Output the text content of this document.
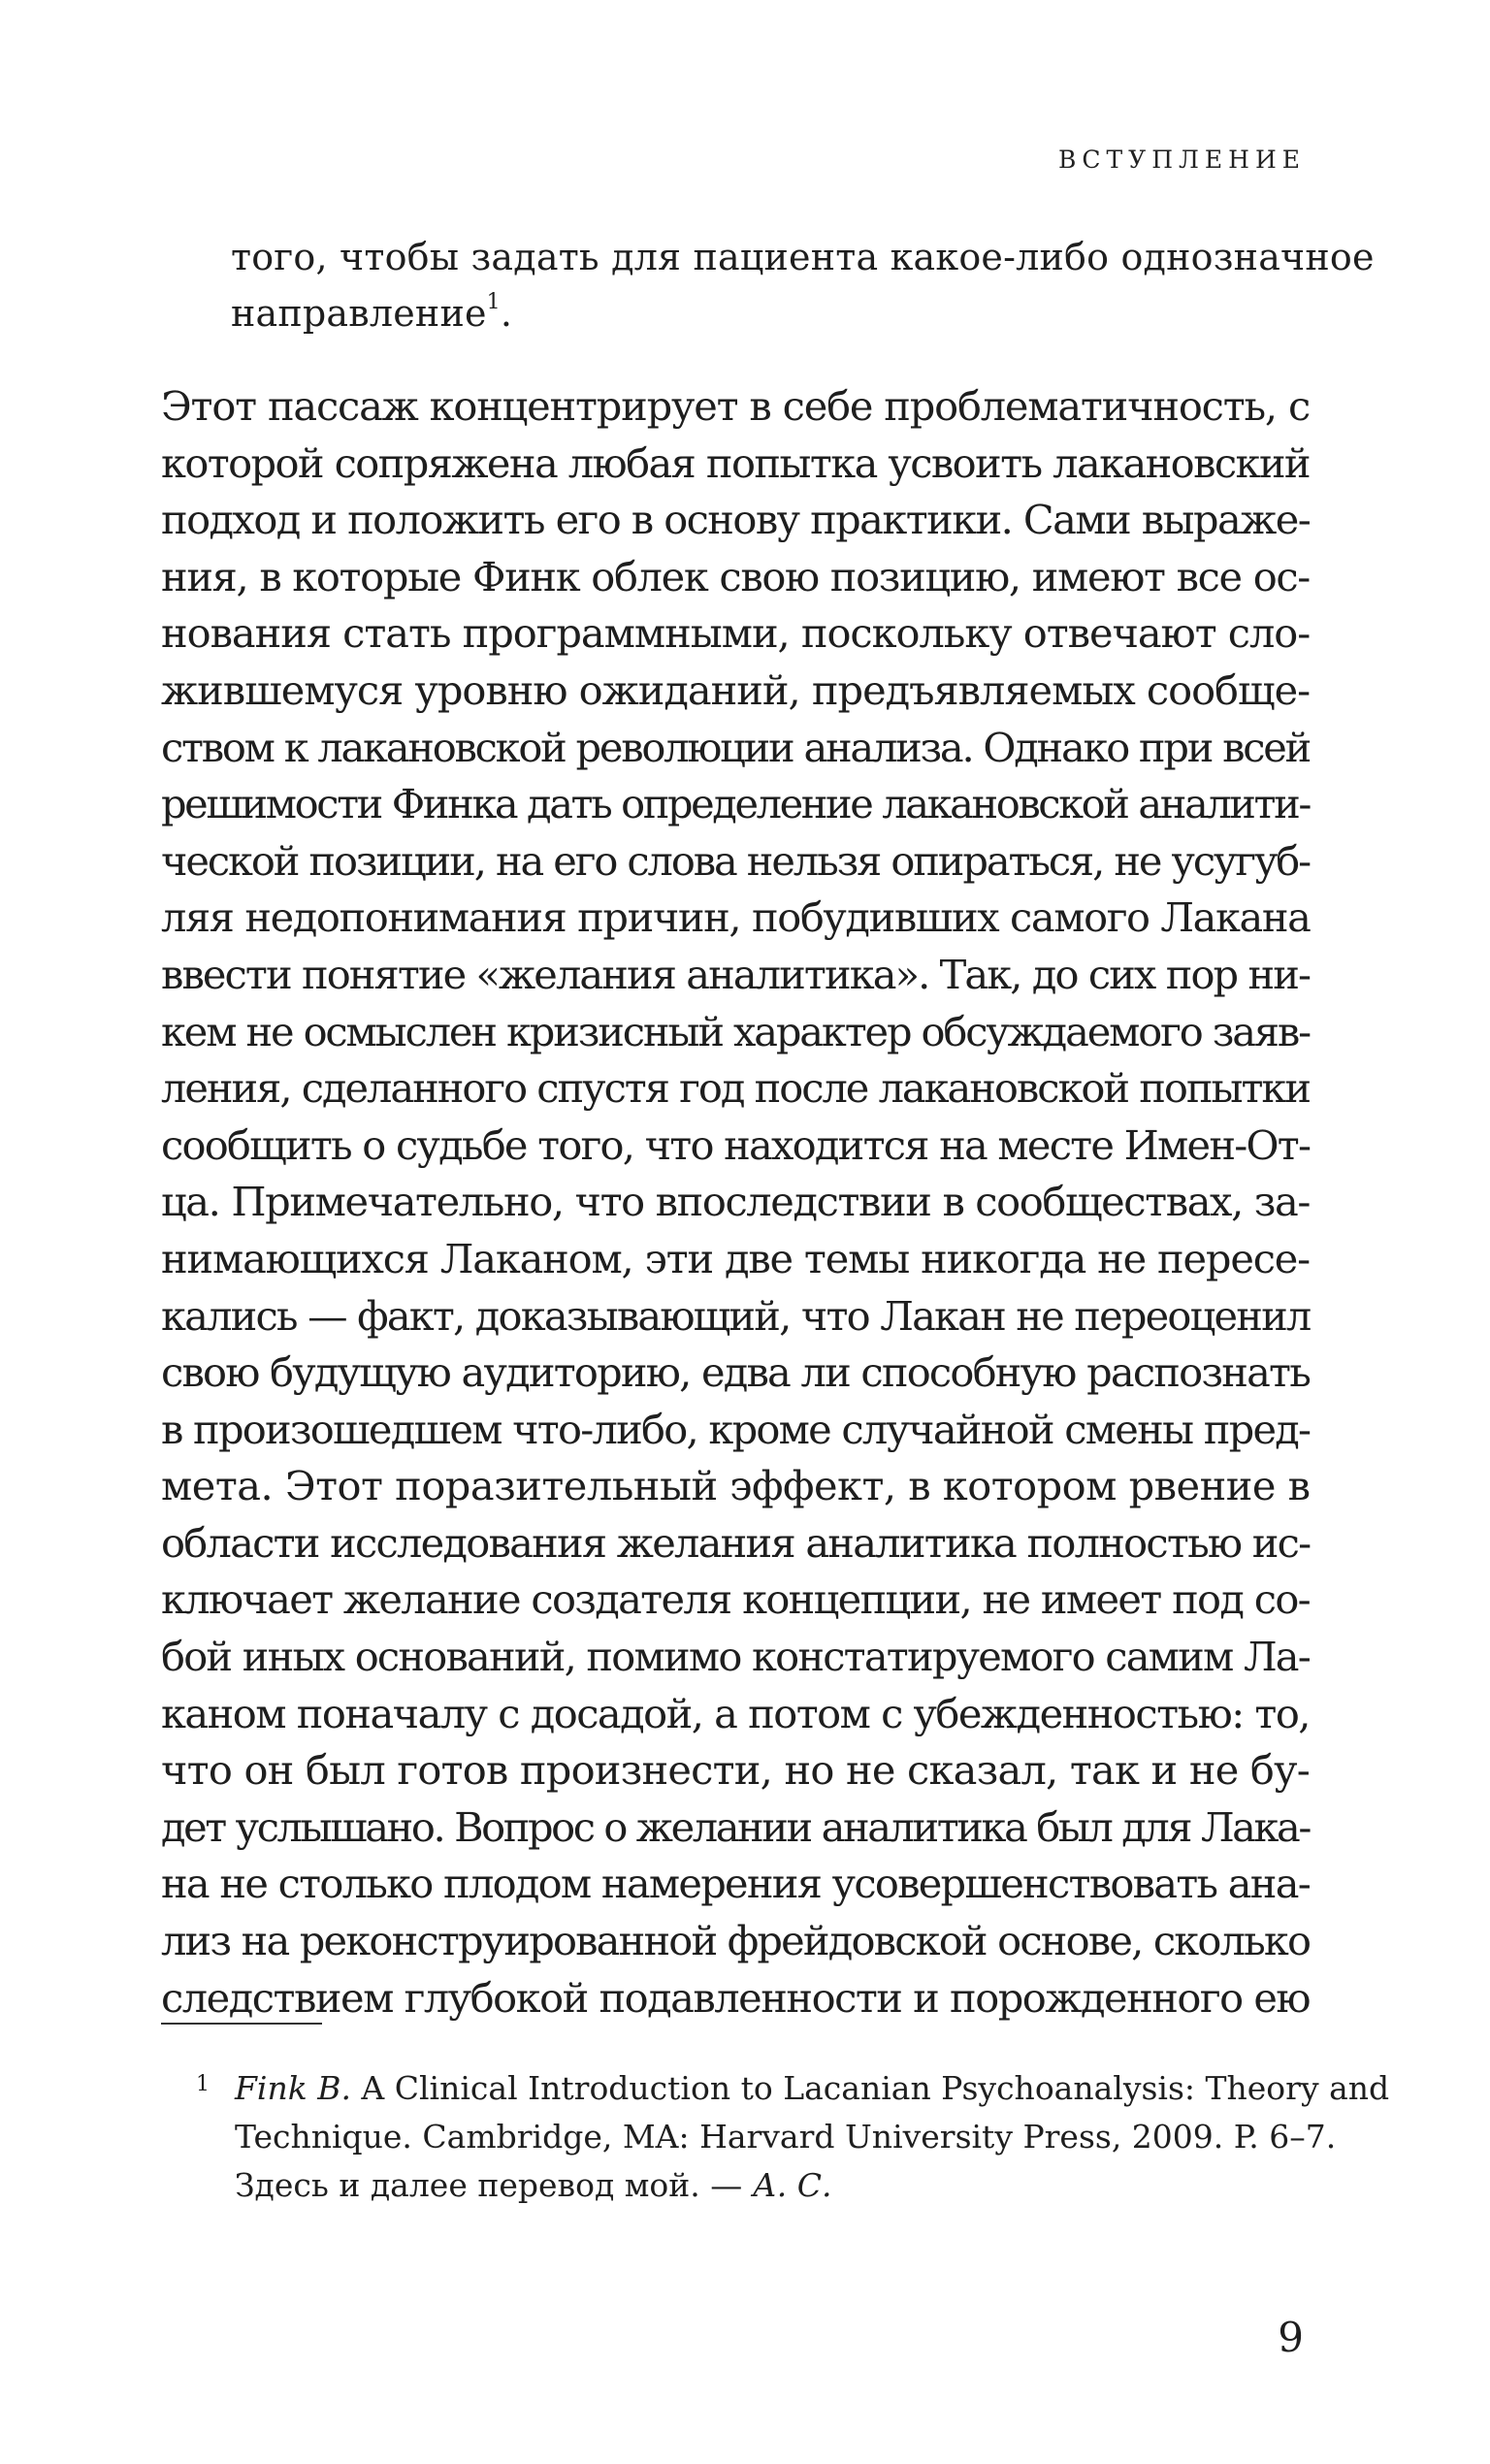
ВСТУПЛЕНИЕ
того, чтобы задать для пациента какое-либо однозначное
направление$^1$.
Этот пассаж концентрирует в себе проблематичность, с
которой сопряжена любая попытка усвоить лакановский
подход и положить его в основу практики. Сами выраже-
ния, в которые Финк облек свою позицию, имеют все ос-
нования стать программными, поскольку отвечают сло-
жившемуся уровню ожиданий, предъявляемых сообще-
ством к лакановской революции анализа. Однако при всей
решимости Финка дать определение лакановской аналити-
ческой позиции, на его слова нельзя опираться, не усугуб-
ляя недопонимания причин, побудивших самого Лакана
ввести понятие «желания аналитика». Так, до сих пор ни-
кем не осмыслен кризисный характер обсуждаемого заяв-
ления, сделанного спустя год после лакановской попытки
сообщить о судьбе того, что находится на месте Имен-От-
ца. Примечательно, что впоследствии в сообществах, за-
нимающихся Лаканом, эти две темы никогда не пересе-
кались — факт, доказывающий, что Лакан не переоценил
свою будущую аудиторию, едва ли способную распознать
в произошедшем что-либо, кроме случайной смены пред-
мета. Этот поразительный эффект, в котором рвение в
области исследования желания аналитика полностью ис-
ключает желание создателя концепции, не имеет под со-
бой иных оснований, помимо констатируемого самим Ла-
каном поначалу с досадой, а потом с убежденностью: то,
что он был готов произнести, но не сказал, так и не бу-
дет услышано. Вопрос о желании аналитика был для Лака-
на не столько плодом намерения усовершенствовать ана-
лиз на реконструированной фрейдовской основе, сколько
следствием глубокой подавленности и порожденного ею
1 Fink B. A Clinical Introduction to Lacanian Psychoanalysis: Theory and
Technique. Cambridge, MA: Harvard University Press, 2009. P. 6–7.
Здесь и далее перевод мой. — А. С.
9
